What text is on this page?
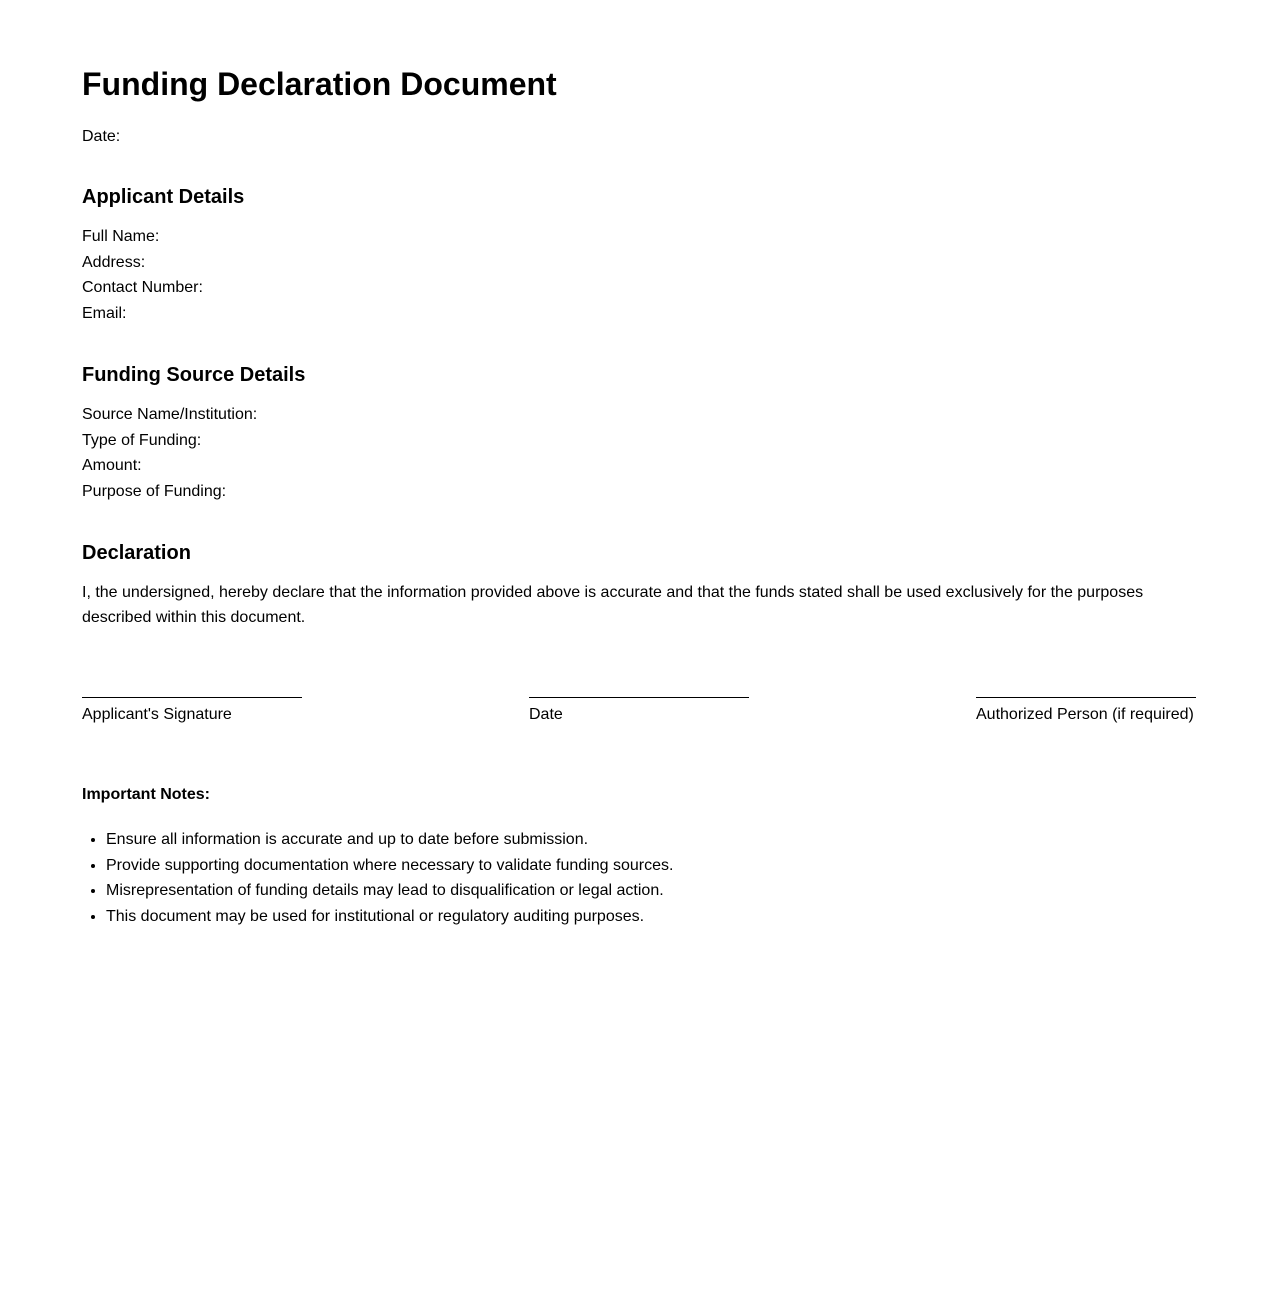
Funding Declaration Document
Date:
Applicant Details
Full Name:
Address:
Contact Number:
Email:
Funding Source Details
Source Name/Institution:
Type of Funding:
Amount:
Purpose of Funding:
Declaration
I, the undersigned, hereby declare that the information provided above is accurate and that the funds stated shall be used exclusively for the purposes described within this document.
Applicant's Signature	Date	Authorized Person (if required)
Important Notes:
• Ensure all information is accurate and up to date before submission.
• Provide supporting documentation where necessary to validate funding sources.
• Misrepresentation of funding details may lead to disqualification or legal action.
• This document may be used for institutional or regulatory auditing purposes.
